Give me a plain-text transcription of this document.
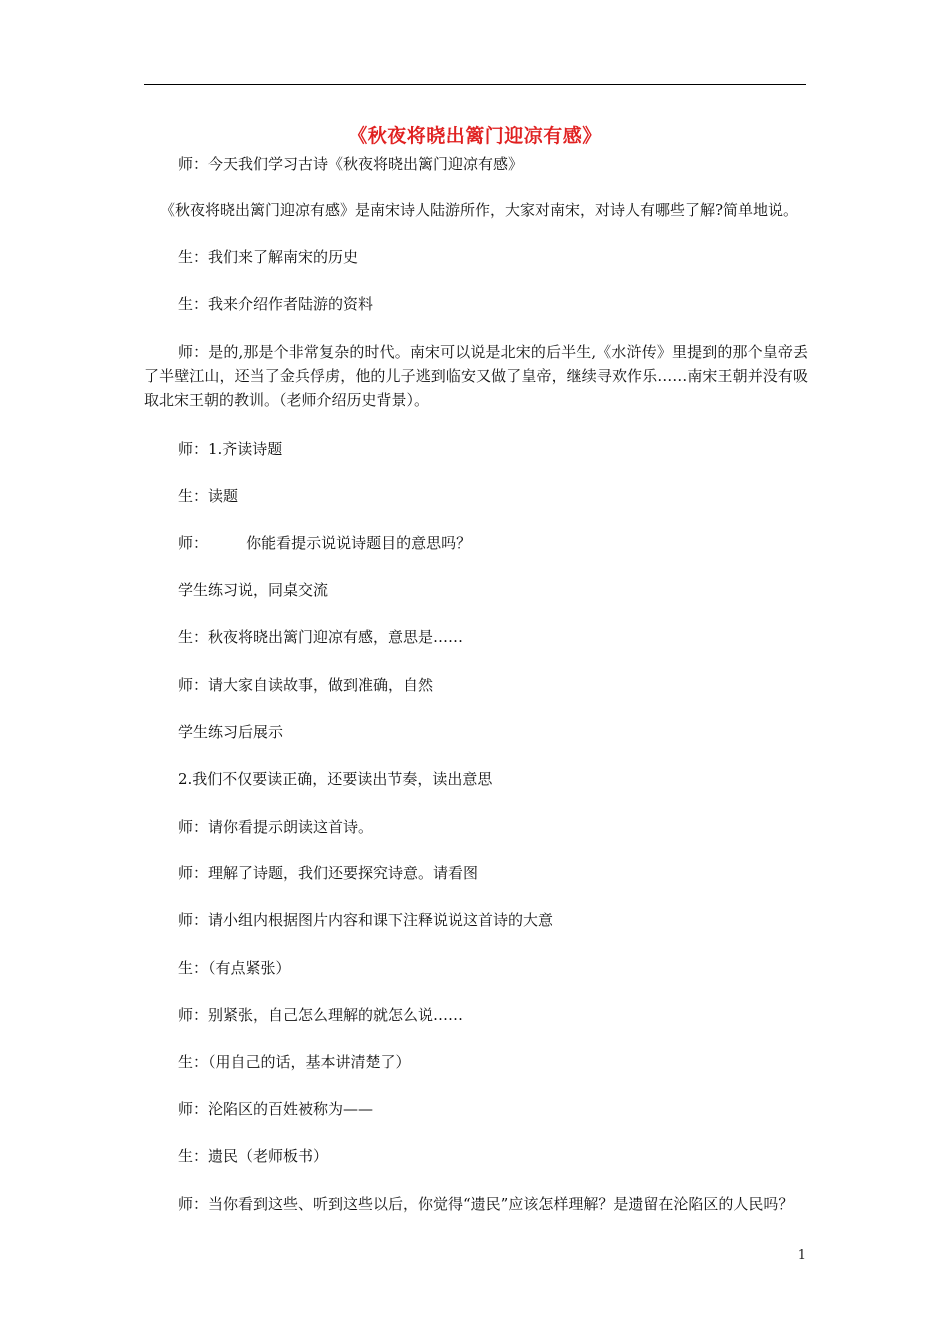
《秋夜将晓出篱门迎凉有感》
师：今天我们学习古诗《秋夜将晓出篱门迎凉有感》
《秋夜将晓出篱门迎凉有感》是南宋诗人陆游所作，大家对南宋，对诗人有哪些了解?简单地说。
生：我们来了解南宋的历史
生：我来介绍作者陆游的资料
师：是的,那是个非常复杂的时代。南宋可以说是北宋的后半生,《水浒传》里提到的那个皇帝丢了半壁江山，还当了金兵俘虏，他的儿子逃到临安又做了皇帝，继续寻欢作乐……南宋王朝并没有吸取北宋王朝的教训。（老师介绍历史背景）。
师：1.齐读诗题
生：读题
师：        你能看提示说说诗题目的意思吗？
学生练习说，同桌交流
生：秋夜将晓出篱门迎凉有感，意思是……
师：请大家自读故事，做到准确，自然
学生练习后展示
2.我们不仅要读正确，还要读出节奏，读出意思
师：请你看提示朗读这首诗。
师：理解了诗题，我们还要探究诗意。请看图
师：请小组内根据图片内容和课下注释说说这首诗的大意
生：（有点紧张）
师：别紧张，自己怎么理解的就怎么说……
生：（用自己的话，基本讲清楚了）
师：沦陷区的百姓被称为——
生：遗民（老师板书）
师：当你看到这些、听到这些以后，你觉得“遗民”应该怎样理解？是遗留在沦陷区的人民吗？
1
